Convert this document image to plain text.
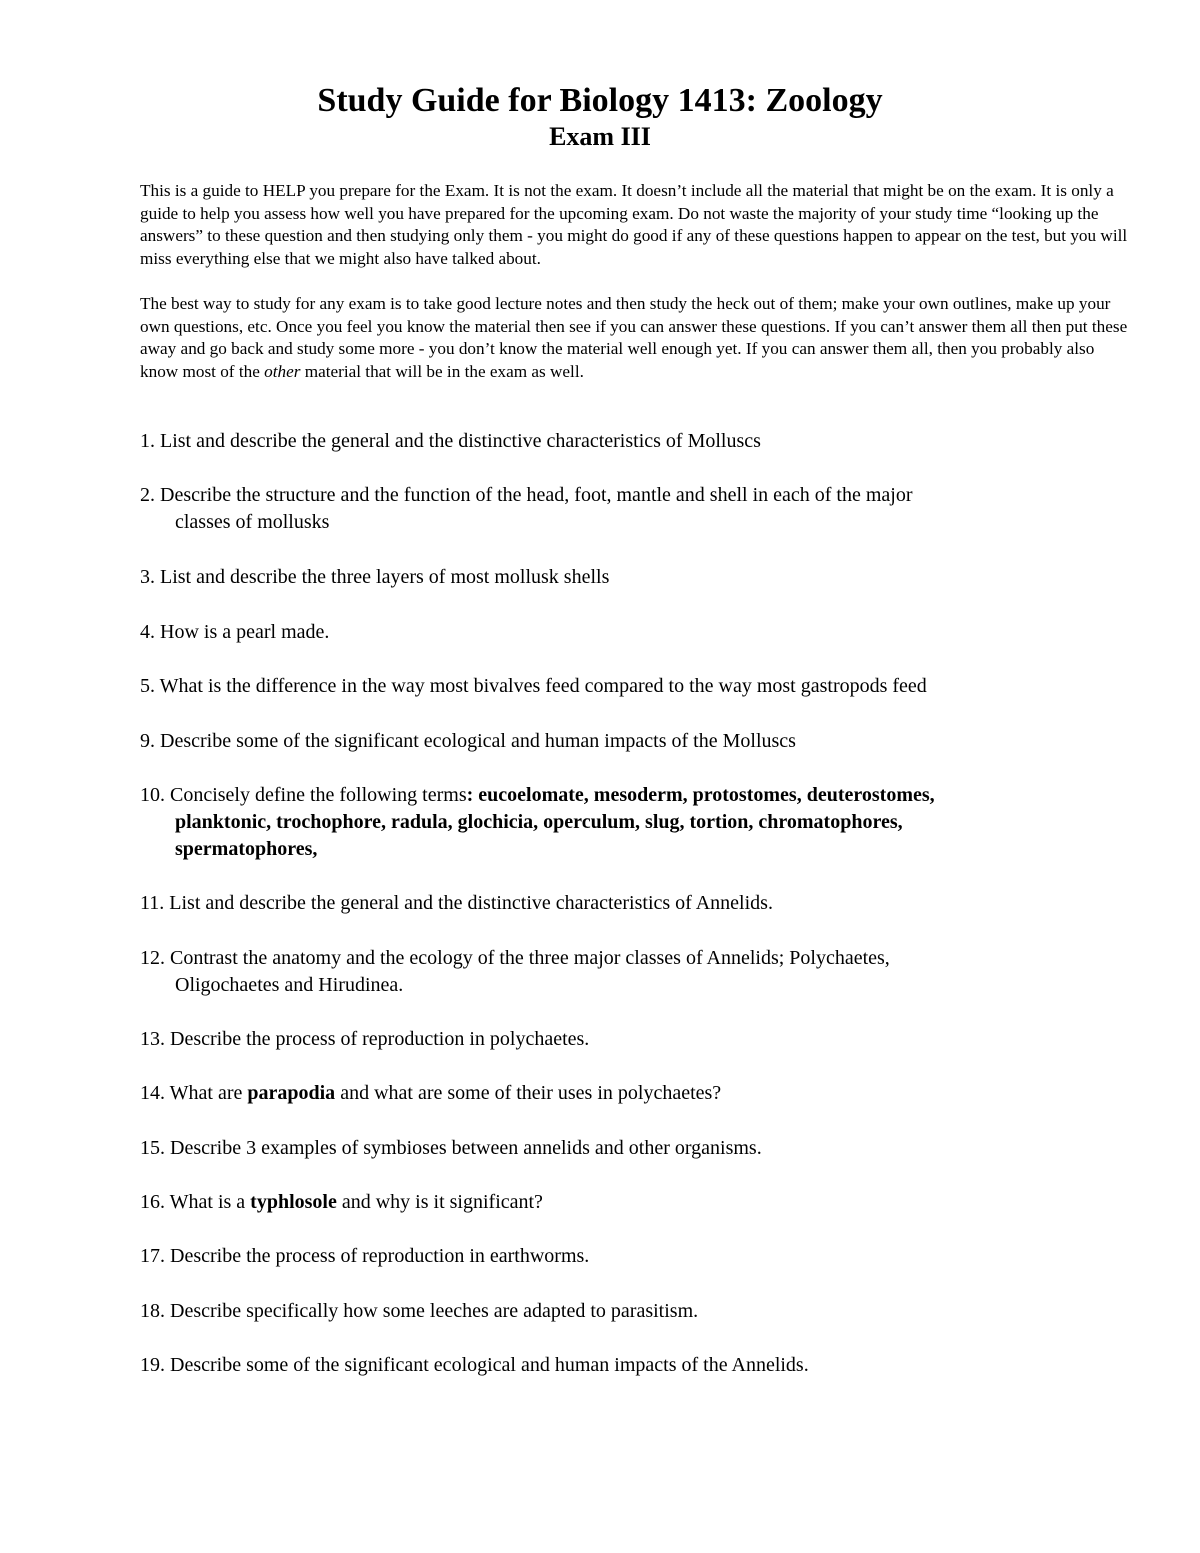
Study Guide for Biology 1413: Zoology
Exam III

This is a guide to HELP you prepare for the Exam. It is not the exam. It doesn’t include all the material that might be on the exam. It is only a guide to help you assess how well you have prepared for the upcoming exam. Do not waste the majority of your study time “looking up the answers” to these question and then studying only them - you might do good if any of these questions happen to appear on the test, but you will miss everything else that we might also have talked about.

The best way to study for any exam is to take good lecture notes and then study the heck out of them; make your own outlines, make up your own questions, etc. Once you feel you know the material then see if you can answer these questions. If you can’t answer them all then put these away and go back and study some more - you don’t know the material well enough yet. If you can answer them all, then you probably also know most of the other material that will be in the exam as well.

1. List and describe the general and the distinctive characteristics of Molluscs

2. Describe the structure and the function of the head, foot, mantle and shell in each of the major
classes of mollusks

3. List and describe the three layers of most mollusk shells

4. How is a pearl made.

5. What is the difference in the way most bivalves feed compared to the way most gastropods feed

9. Describe some of the significant ecological and human impacts of the Molluscs

10. Concisely define the following terms: eucoelomate, mesoderm, protostomes, deuterostomes,
planktonic, trochophore, radula, glochicia, operculum, slug, tortion, chromatophores,
spermatophores,

11. List and describe the general and the distinctive characteristics of Annelids.

12. Contrast the anatomy and the ecology of the three major classes of Annelids; Polychaetes,
Oligochaetes and Hirudinea.

13. Describe the process of reproduction in polychaetes.

14. What are parapodia and what are some of their uses in polychaetes?

15. Describe 3 examples of symbioses between annelids and other organisms.

16. What is a typhlosole and why is it significant?

17. Describe the process of reproduction in earthworms.

18. Describe specifically how some leeches are adapted to parasitism.

19. Describe some of the significant ecological and human impacts of the Annelids.
